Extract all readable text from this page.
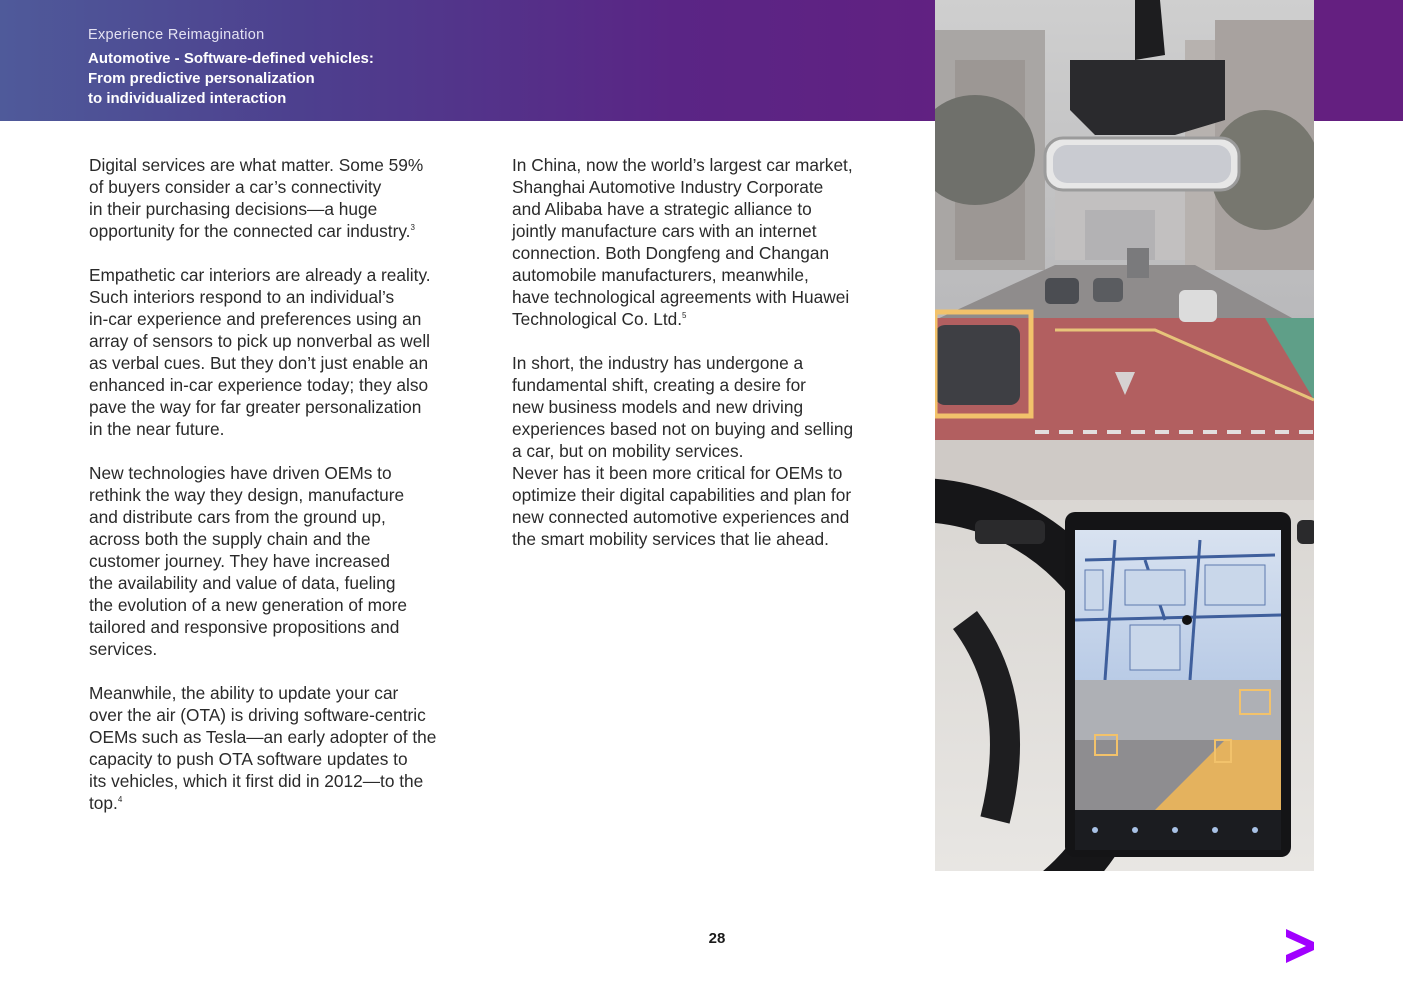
Experience Reimagination
Automotive - Software-defined vehicles:
From predictive personalization
to individualized interaction
Digital services are what matter. Some 59%
of buyers consider a car’s connectivity
in their purchasing decisions—a huge
opportunity for the connected car industry.$^3$
Empathetic car interiors are already a reality.
Such interiors respond to an individual’s
in-car experience and preferences using an
array of sensors to pick up nonverbal as well
as verbal cues. But they don’t just enable an
enhanced in-car experience today; they also
pave the way for far greater personalization
in the near future.
New technologies have driven OEMs to
rethink the way they design, manufacture
and distribute cars from the ground up,
across both the supply chain and the
customer journey. They have increased
the availability and value of data, fueling
the evolution of a new generation of more
tailored and responsive propositions and
services.
Meanwhile, the ability to update your car
over the air (OTA) is driving software-centric
OEMs such as Tesla—an early adopter of the
capacity to push OTA software updates to
its vehicles, which it first did in 2012—to the
top.$^4$
In China, now the world’s largest car market,
Shanghai Automotive Industry Corporate
and Alibaba have a strategic alliance to
jointly manufacture cars with an internet
connection. Both Dongfeng and Changan
automobile manufacturers, meanwhile,
have technological agreements with Huawei
Technological Co. Ltd.$^5$
In short, the industry has undergone a
fundamental shift, creating a desire for
new business models and new driving
experiences based not on buying and selling
a car, but on mobility services.
Never has it been more critical for OEMs to
optimize their digital capabilities and plan for
new connected automotive experiences and
the smart mobility services that lie ahead.
28
